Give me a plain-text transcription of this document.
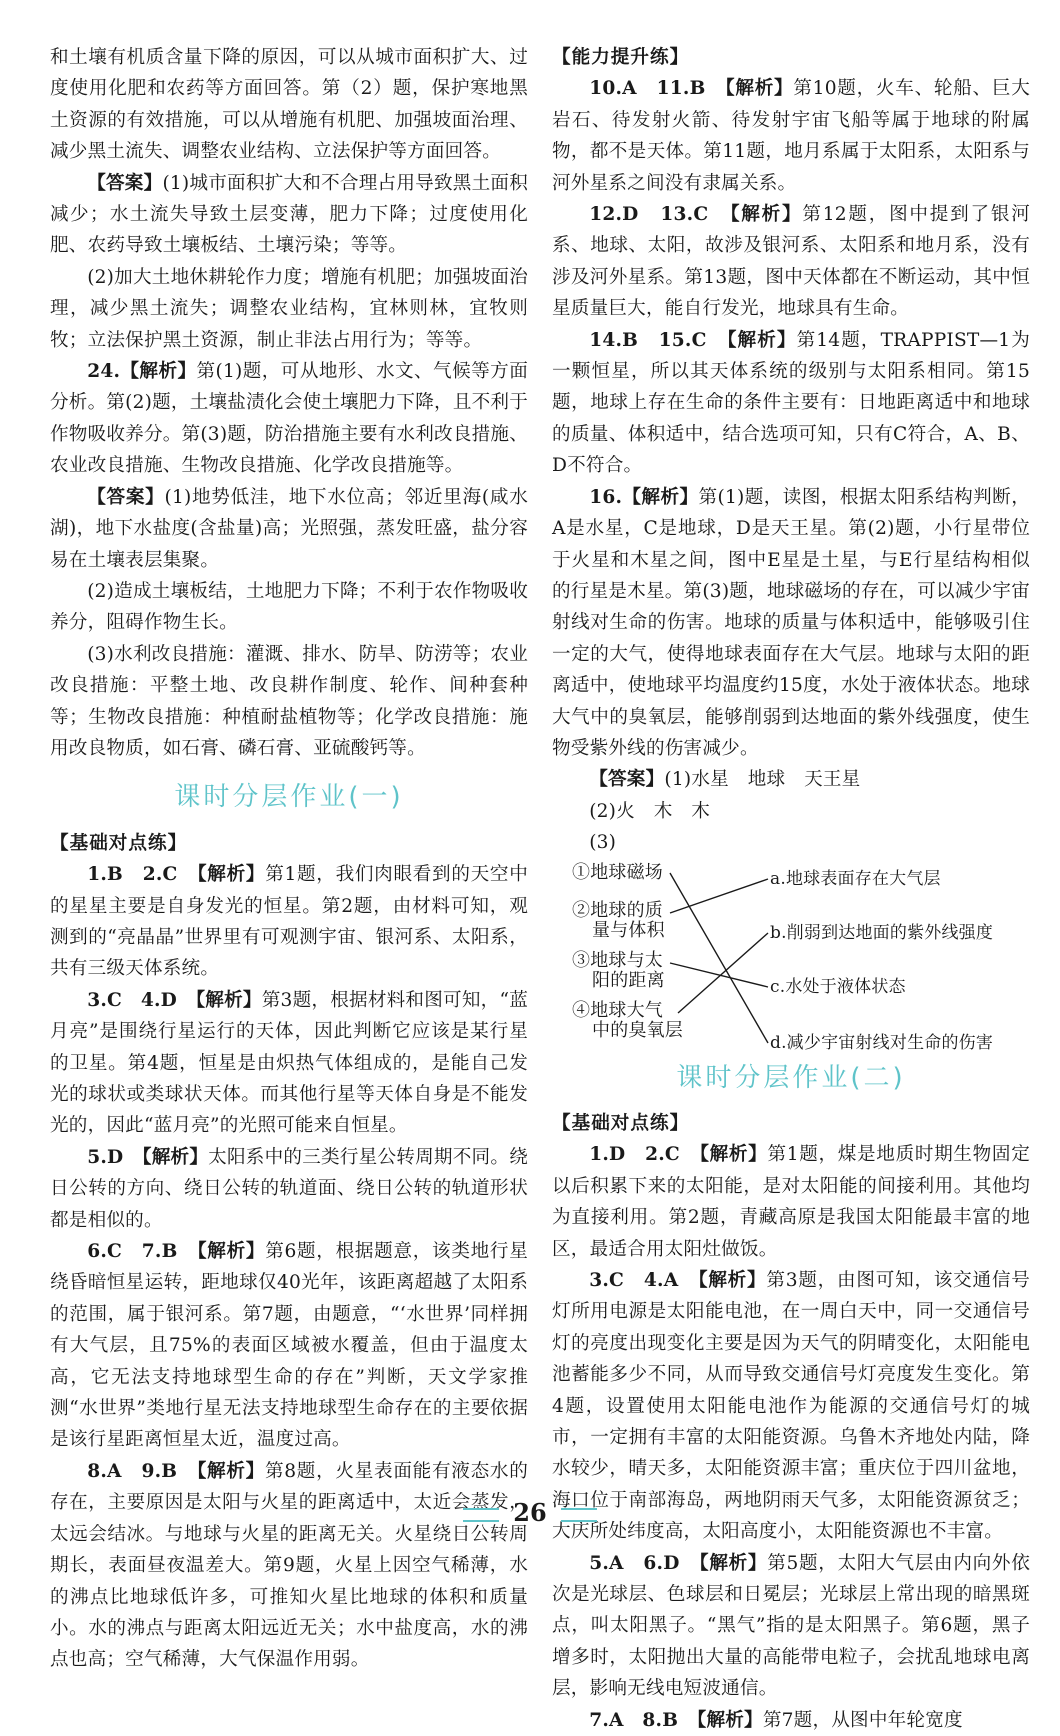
和土壤有机质含量下降的原因，可以从城市面积扩大、过度使用化肥和农药等方面回答。第（2）题，保护寒地黑土资源的有效措施，可以从增施有机肥、加强坡面治理、减少黑土流失、调整农业结构、立法保护等方面回答。

【答案】(1)城市面积扩大和不合理占用导致黑土面积减少；水土流失导致土层变薄，肥力下降；过度使用化肥、农药导致土壤板结、土壤污染；等等。

(2)加大土地休耕轮作力度；增施有机肥；加强坡面治理，减少黑土流失；调整农业结构，宜林则林，宜牧则牧；立法保护黑土资源，制止非法占用行为；等等。

24.【解析】第(1)题，可从地形、水文、气候等方面分析。第(2)题，土壤盐渍化会使土壤肥力下降，且不利于作物吸收养分。第(3)题，防治措施主要有水利改良措施、农业改良措施、生物改良措施、化学改良措施等。

【答案】(1)地势低洼，地下水位高；邻近里海(咸水湖)，地下水盐度(含盐量)高；光照强，蒸发旺盛，盐分容易在土壤表层集聚。

(2)造成土壤板结，土地肥力下降；不利于农作物吸收养分，阻碍作物生长。

(3)水利改良措施：灌溉、排水、防旱、防涝等；农业改良措施：平整土地、改良耕作制度、轮作、间种套种等；生物改良措施：种植耐盐植物等；化学改良措施：施用改良物质，如石膏、磷石膏、亚硫酸钙等。

课时分层作业(一)
【基础对点练】

1.B　2.C　 【解析】第1题，我们肉眼看到的天空中的星星主要是自身发光的恒星。第2题，由材料可知，观测到的“亮晶晶”世界里有可观测宇宙、银河系、太阳系，共有三级天体系统。

3.C　4.D　 【解析】第3题，根据材料和图可知，“蓝月亮”是围绕行星运行的天体，因此判断它应该是某行星的卫星。第4题，恒星是由炽热气体组成的，是能自己发光的球状或类球状天体。而其他行星等天体自身是不能发光的，因此“蓝月亮”的光照可能来自恒星。

5.D　 【解析】太阳系中的三类行星公转周期不同。绕日公转的方向、绕日公转的轨道面、绕日公转的轨道形状都是相似的。

6.C　7.B　 【解析】第6题，根据题意，该类地行星绕昏暗恒星运转，距地球仅40光年，该距离超越了太阳系的范围，属于银河系。第7题，由题意，“‘水世界’同样拥有大气层，且75%的表面区域被水覆盖，但由于温度太高，它无法支持地球型生命的存在”判断，天文学家推测“水世界”类地行星无法支持地球型生命存在的主要依据是该行星距离恒星太近，温度过高。

8.A　9.B　 【解析】第8题，火星表面能有液态水的存在，主要原因是太阳与火星的距离适中，太近会蒸发，太远会结冰。与地球与火星的距离无关。火星绕日公转周期长，表面昼夜温差大。第9题，火星上因空气稀薄，水的沸点比地球低许多，可推知火星比地球的体积和质量小。水的沸点与距离太阳远近无关；水中盐度高，水的沸点也高；空气稀薄，大气保温作用弱。

【能力提升练】

10.A　11.B　 【解析】第10题，火车、轮船、巨大岩石、待发射火箭、待发射宇宙飞船等属于地球的附属物，都不是天体。第11题，地月系属于太阳系，太阳系与河外星系之间没有隶属关系。

12.D　13.C　 【解析】第12题，图中提到了银河系、地球、太阳，故涉及银河系、太阳系和地月系，没有涉及河外星系。第13题，图中天体都在不断运动，其中恒星质量巨大，能自行发光，地球具有生命。

14.B　15.C　 【解析】第14题，TRAPPIST—1为一颗恒星，所以其天体系统的级别与太阳系相同。第15题，地球上存在生命的条件主要有：日地距离适中和地球的质量、体积适中，结合选项可知，只有C符合，A、B、D不符合。

16.【解析】第(1)题，读图，根据太阳系结构判断，A是水星，C是地球，D是天王星。第(2)题，小行星带位于火星和木星之间，图中E星是土星，与E行星结构相似的行星是木星。第(3)题，地球磁场的存在，可以减少宇宙射线对生命的伤害。地球的质量与体积适中，能够吸引住一定的大气，使得地球表面存在大气层。地球与太阳的距离适中，使地球平均温度约15度，水处于液体状态。地球大气中的臭氧层，能够削弱到达地面的紫外线强度，使生物受紫外线的伤害减少。

【答案】(1)水星　地球　天王星

(2)火　木　木

(3)

①地球磁场
②地球的质
量与体积
③地球与太
阳的距离
④地球大气
中的臭氧层
a.地球表面存在大气层
b.削弱到达地面的紫外线强度
c.水处于液体状态
d.减少宇宙射线对生命的伤害
课时分层作业(二)
【基础对点练】

1.D　2.C　 【解析】第1题，煤是地质时期生物固定以后积累下来的太阳能，是对太阳能的间接利用。其他均为直接利用。第2题，青藏高原是我国太阳能最丰富的地区，最适合用太阳灶做饭。

3.C　4.A　 【解析】第3题，由图可知，该交通信号灯所用电源是太阳能电池，在一周白天中，同一交通信号灯的亮度出现变化主要是因为天气的阴晴变化，太阳能电池蓄能多少不同，从而导致交通信号灯亮度发生变化。第4题，设置使用太阳能电池作为能源的交通信号灯的城市，一定拥有丰富的太阳能资源。乌鲁木齐地处内陆，降水较少，晴天多，太阳能资源丰富；重庆位于四川盆地，海口位于南部海岛，两地阴雨天气多，太阳能资源贫乏；大庆所处纬度高，太阳高度小，太阳能资源也不丰富。

5.A　6.D　 【解析】第5题，太阳大气层由内向外依次是光球层、色球层和日冕层；光球层上常出现的暗黑斑点，叫太阳黑子。“黑气”指的是太阳黑子。第6题，黑子增多时，太阳抛出大量的高能带电粒子，会扰乱地球电离层，影响无线电短波通信。

7.A　8.B　 【解析】第7题，从图中年轮宽度

26
